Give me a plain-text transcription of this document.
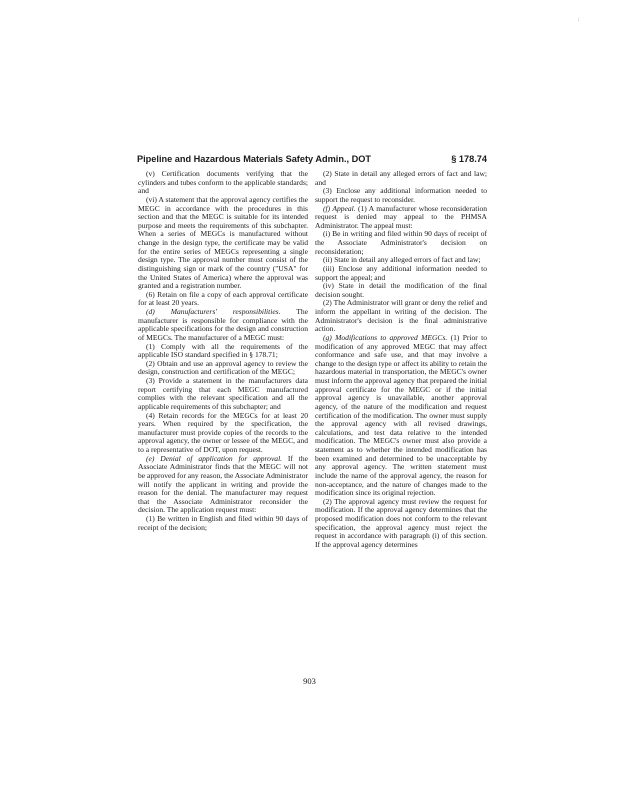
:
Pipeline and Hazardous Materials Safety Admin., DOT	§ 178.74

(v) Certification documents verifying that the cylinders and tubes conform to the applicable standards; and

(vi) A statement that the approval agency certifies the MEGC in accordance with the procedures in this section and that the MEGC is suitable for its intended purpose and meets the requirements of this subchapter. When a series of MEGCs is manufactured without change in the design type, the certificate may be valid for the entire series of MEGCs representing a single design type. The approval number must consist of the distinguishing sign or mark of the country ("USA" for the United States of America) where the approval was granted and a registration number.

(6) Retain on file a copy of each approval certificate for at least 20 years.

(d) Manufacturers' responsibilities. The manufacturer is responsible for compliance with the applicable specifications for the design and construction of MEGCs. The manufacturer of a MEGC must:

(1) Comply with all the requirements of the applicable ISO standard specified in § 178.71;

(2) Obtain and use an approval agency to review the design, construction and certification of the MEGC;

(3) Provide a statement in the manufacturers data report certifying that each MEGC manufactured complies with the relevant specification and all the applicable requirements of this subchapter; and

(4) Retain records for the MEGCs for at least 20 years. When required by the specification, the manufacturer must provide copies of the records to the approval agency, the owner or lessee of the MEGC, and to a representative of DOT, upon request.

(e) Denial of application for approval. If the Associate Administrator finds that the MEGC will not be approved for any reason, the Associate Administrator will notify the applicant in writing and provide the reason for the denial. The manufacturer may request that the Associate Administrator reconsider the decision. The application request must:

(1) Be written in English and filed within 90 days of receipt of the decision;

(2) State in detail any alleged errors of fact and law; and

(3) Enclose any additional information needed to support the request to reconsider.

(f) Appeal. (1) A manufacturer whose reconsideration request is denied may appeal to the PHMSA Administrator. The appeal must:

(i) Be in writing and filed within 90 days of receipt of the Associate Administrator's decision on reconsideration;

(ii) State in detail any alleged errors of fact and law;

(iii) Enclose any additional information needed to support the appeal; and

(iv) State in detail the modification of the final decision sought.

(2) The Administrator will grant or deny the relief and inform the appellant in writing of the decision. The Administrator's decision is the final administrative action.

(g) Modifications to approved MEGCs. (1) Prior to modification of any approved MEGC that may affect conformance and safe use, and that may involve a change to the design type or affect its ability to retain the hazardous material in transportation, the MEGC's owner must inform the approval agency that prepared the initial approval certificate for the MEGC or if the initial approval agency is unavailable, another approval agency, of the nature of the modification and request certification of the modification. The owner must supply the approval agency with all revised drawings, calculations, and test data relative to the intended modification. The MEGC's owner must also provide a statement as to whether the intended modification has been examined and determined to be unacceptable by any approval agency. The written statement must include the name of the approval agency, the reason for non-acceptance, and the nature of changes made to the modification since its original rejection.

(2) The approval agency must review the request for modification. If the approval agency determines that the proposed modification does not conform to the relevant specification, the approval agency must reject the request in accordance with paragraph (i) of this section. If the approval agency determines

903
